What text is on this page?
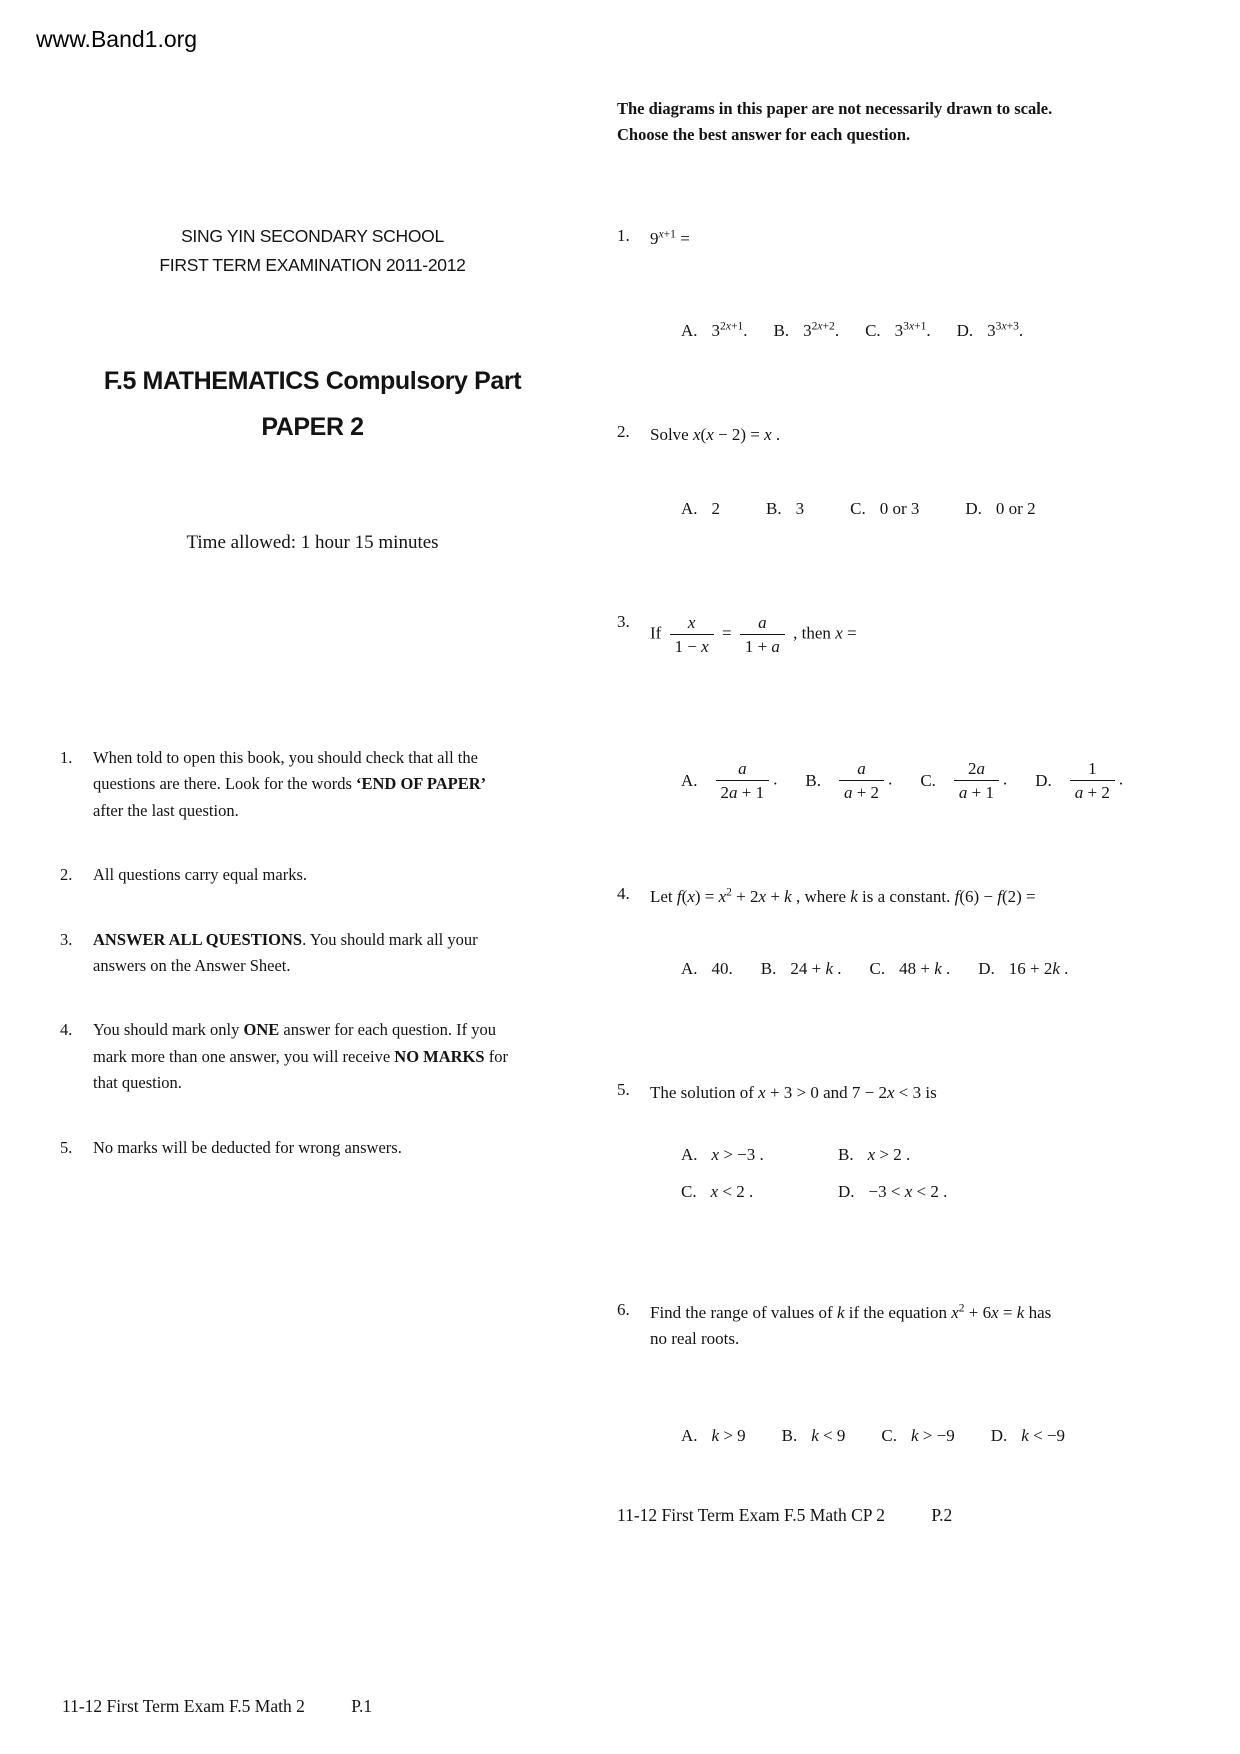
www.Band1.org
SING YIN SECONDARY SCHOOL
FIRST TERM EXAMINATION 2011-2012
F.5 MATHEMATICS Compulsory Part
PAPER 2
Time allowed: 1 hour 15 minutes
1.	When told to open this book, you should check that all the questions are there. Look for the words ‘END OF PAPER’ after the last question.
2.	All questions carry equal marks.
3.	ANSWER ALL QUESTIONS. You should mark all your answers on the Answer Sheet.
4.	You should mark only ONE answer for each question. If you mark more than one answer, you will receive NO MARKS for that question.
5.	No marks will be deducted for wrong answers.
11-12 First Term Exam F.5 Math 2	P.1
The diagrams in this paper are not necessarily drawn to scale.
Choose the best answer for each question.
1.	$9^{x+1}$ =
A. $3^{2x+1}$. B. $3^{2x+2}$. C. $3^{3x+1}$. D. $3^{3x+3}$.
2.	Solve x(x − 2) = x .
A. 2	B. 3	C. 0 or 3	D. 0 or 2
3.
If $\frac{x}{1 - x} = \frac{a}{1 + a}$ , then x =
A. $\frac{a}{2a + 1}$ . B. $\frac{a}{a + 2}$ . C. $\frac{2a}{a + 1}$ . D. $\frac{1}{a + 2}$ .
4.	Let $f(x) = x^2 + 2x + k$ , where k is a constant. f(6) − f(2) =
A. 40. B. 24 + k . C. 48 + k . D. 16 + 2k .
5.	The solution of x + 3 > 0 and 7 − 2x < 3 is
A. x > −3 .	B. x > 2 .
C. x < 2 .	D. −3 < x < 2 .
6.	Find the range of values of k if the equation $x^2 + 6x = k$ has no real roots.
A. k > 9 B. k < 9 C. k > −9 D. k < −9
11-12 First Term Exam F.5 Math CP 2	P.2
